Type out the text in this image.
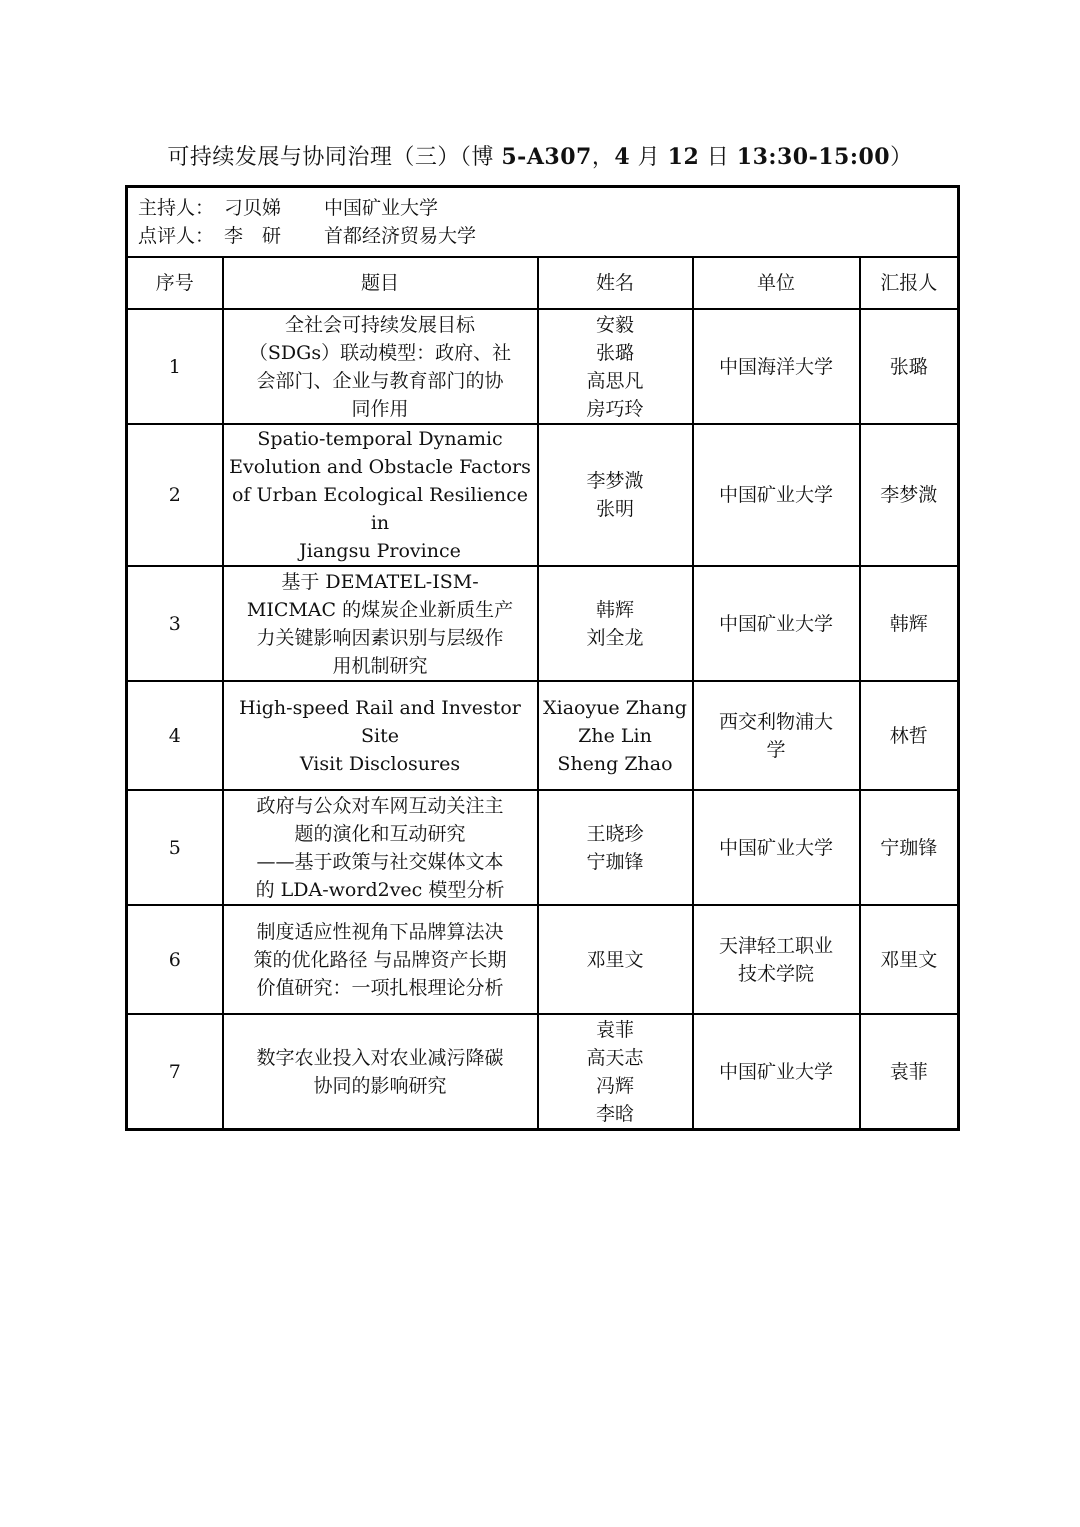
可持续发展与协同治理（三）（博 5-A307，4 月 12 日 13:30-15:00）
主持人： 刁贝娣 中国矿业大学
点评人： 李　研 首都经济贸易大学				

序号	题目	姓名	单位	汇报人
1	全社会可持续发展目标
（SDGs）联动模型：政府、社
会部门、企业与教育部门的协
同作用	安毅
张璐
高思凡
房巧玲	中国海洋大学	张璐
2	Spatio-temporal Dynamic
Evolution and Obstacle Factors
of Urban Ecological Resilience in
Jiangsu Province	李梦溦
张明	中国矿业大学	李梦溦
3	基于 DEMATEL-ISM-
MICMAC 的煤炭企业新质生产
力关键影响因素识别与层级作
用机制研究	韩辉
刘全龙	中国矿业大学	韩辉
4	High-speed Rail and Investor Site
Visit Disclosures	Xiaoyue Zhang
Zhe Lin
Sheng Zhao	西交利物浦大
学	林哲
5	政府与公众对车网互动关注主
题的演化和互动研究
——基于政策与社交媒体文本
的 LDA-word2vec 模型分析	王晓珍
宁珈锋	中国矿业大学	宁珈锋
6	制度适应性视角下品牌算法决
策的优化路径 与品牌资产长期
价值研究：一项扎根理论分析	邓里文	天津轻工职业
技术学院	邓里文
7	数字农业投入对农业减污降碳
协同的影响研究	袁菲
高天志
冯辉
李晗	中国矿业大学	袁菲
